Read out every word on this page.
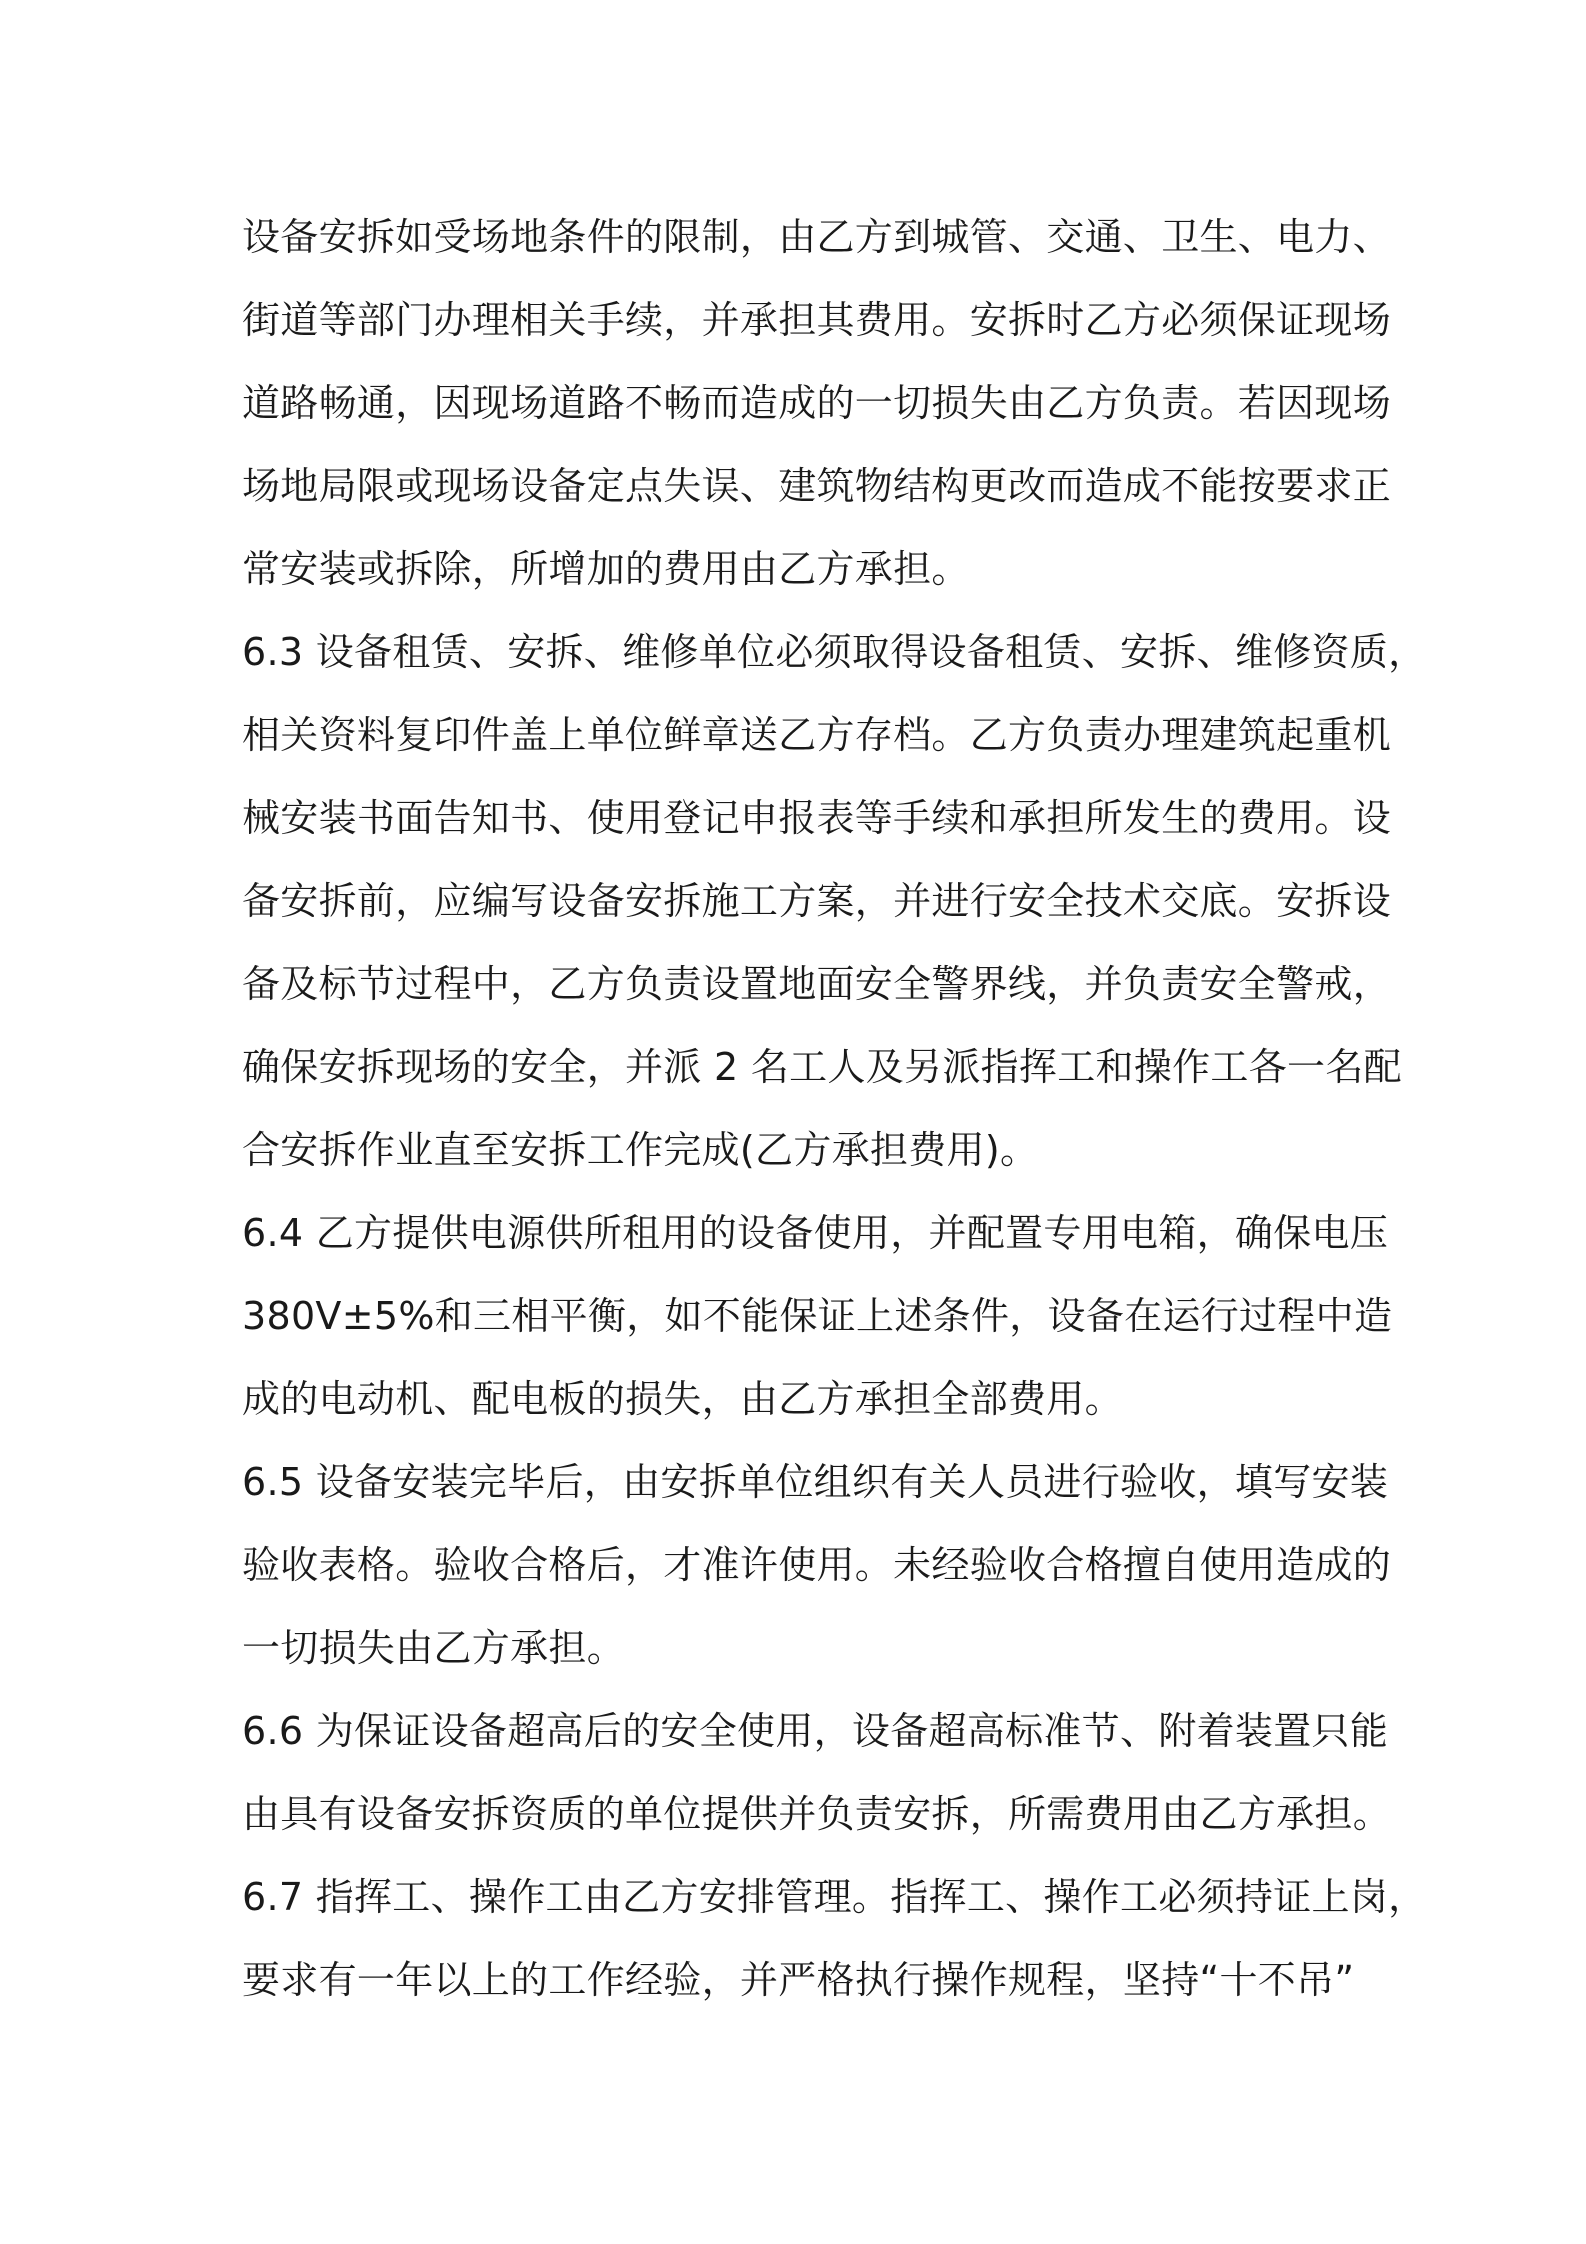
设备安拆如受场地条件的限制，由乙方到城管、交通、卫生、电力、
街道等部门办理相关手续，并承担其费用。安拆时乙方必须保证现场
道路畅通，因现场道路不畅而造成的一切损失由乙方负责。若因现场
场地局限或现场设备定点失误、建筑物结构更改而造成不能按要求正
常安装或拆除，所增加的费用由乙方承担。
6.3 设备租赁、安拆、维修单位必须取得设备租赁、安拆、维修资质，
相关资料复印件盖上单位鲜章送乙方存档。乙方负责办理建筑起重机
械安装书面告知书、使用登记申报表等手续和承担所发生的费用。设
备安拆前，应编写设备安拆施工方案，并进行安全技术交底。安拆设
备及标节过程中，乙方负责设置地面安全警界线，并负责安全警戒，
确保安拆现场的安全，并派 2 名工人及另派指挥工和操作工各一名配
合安拆作业直至安拆工作完成(乙方承担费用)。
6.4 乙方提供电源供所租用的设备使用，并配置专用电箱，确保电压
380V±5%和三相平衡，如不能保证上述条件，设备在运行过程中造
成的电动机、配电板的损失，由乙方承担全部费用。
6.5 设备安装完毕后，由安拆单位组织有关人员进行验收，填写安装
验收表格。验收合格后，才准许使用。未经验收合格擅自使用造成的
一切损失由乙方承担。
6.6 为保证设备超高后的安全使用，设备超高标准节、附着装置只能
由具有设备安拆资质的单位提供并负责安拆，所需费用由乙方承担。
6.7 指挥工、操作工由乙方安排管理。指挥工、操作工必须持证上岗，
要求有一年以上的工作经验，并严格执行操作规程，坚持“十不吊”
